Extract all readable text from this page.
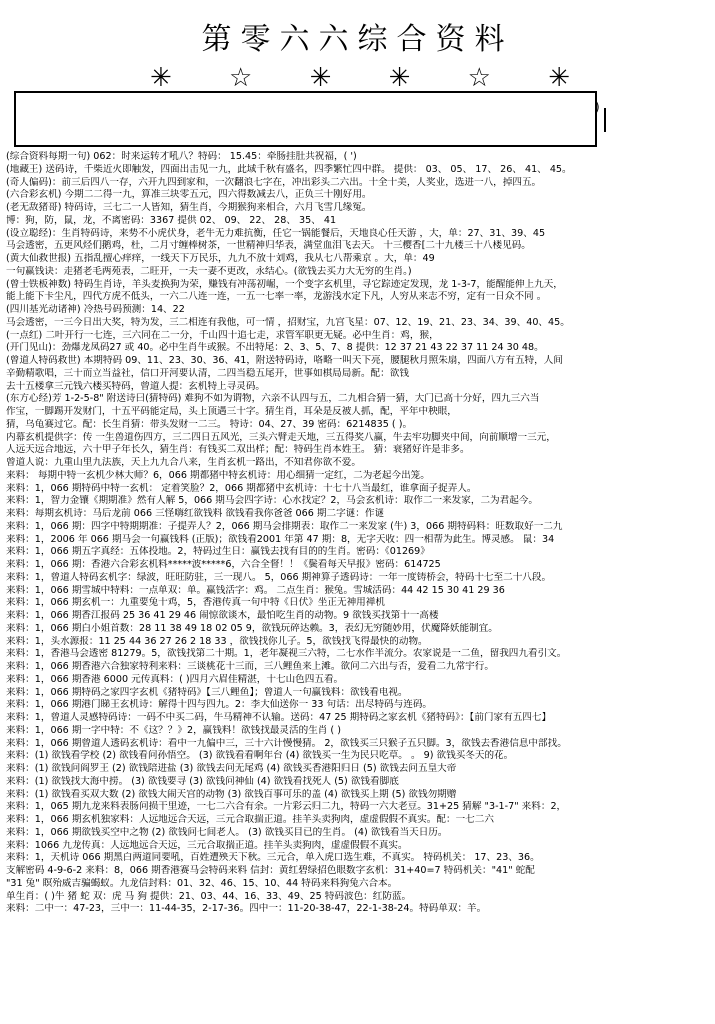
第零六六综合资料
✳ ☆ ✳ ✳ ☆ ✳
)
(综合资料每期一句) 062：时来运转才吼八？特码： 15.45：牵肠挂肚共祝福，( ')
(地藏王) 送码诗，千柴近火即触发，四面出击见一九，此域千秋有盛名，四季繁忙四中群。 提供： 03、 05、 17、 26、 41、 45。
(奇人偏码)：前三后四八一存，六开九四到家和，一次翻浪七字在，冲出彩头二六出。十全十美，人奖业，选进一八，掉四五。
(六合彩玄机) 今期二二得一九，算准三块零五元，四六得数减去八，正负三十刚好用。
(老无敌猪哥) 特码诗，三七二一人皆知，猜生肖，今期猴狗来相合，六月飞雪几缘冤。
博：狗，防，鼠，龙，不离密码：3367 提供 02、 09、 22、 28、 35、 41
(设立聪经)：生肖特码诗，来势不小虎伏身，老牛无力难抗衡，任它一锅能餐后，天地良心任天游 ，大，单：27、31、39、45
马会透密，五更风烃们鹅鸡，杜，二月寸缠棒树茶，一世精神归华表，满堂血泪飞去天。 十三樱香[二十九楼三十八楼见码。
(黄大仙救世报) 五指乱擅心痒痒，一线天下万民乐，九九不放十刘鸡，我从七八帮乘京 。大，单：49
一句赢钱诀：走猪老毛两苑表，二旺开，一夫一妻不更改，永结心。(欲钱去买力大无穷的生肖。)
(曾士铁板神数) 特码生肖诗，羊头麦换狗为荣，赚钱有冲荡初崛，一个变字玄机里，寻它踪迹定发现，龙 1-3-7，能醒能伸上九天，
能上能下卡尘凡，四代方虎不低头，一六二八连一连，一五一七率一率，龙游浅水定下凡，人穷从来志不穷，定有一日众不同 。
(四川基光动诸神) 冷热号码预测：14、22
马会透密，一三今日出大奖，特为发，三二相连有我他，可一情 ，招财宝，九宫飞星：07、12、19、21、23、34、39、40、45。
(一点红) 二叶开行一七连，三六同在二一分，千山四十追七走，求管军职更无疑。必中生肖：鸡，猴，
(开门见山)：劲爆龙凤码27 或 40。必中生肖牛或猴。不出特尾：2、3、5、7、8 提供：12 37 21 43 22 37 11 24 30 48。
(曾道人特码救世) 本期特码 09、11、23、30、36、41，附送特码诗，咯略一叫天下亮，腰腿秋月照朱扇，四面八方有五特，人间
辛勤精歌唱，三十而立当益社，信口开河要认清，二四当稳五尾开，世事如棋局局新。配：欲钱
去十五楼拿三元钱六楼买特码，曾道人提：玄机特上寻灵码。
(东方心经)芳 1-2-5-8" 附送诗曰(猜特码) 难狗不如为谓物，六亲不认四与五，二九相合猜一猜，大门已高十分好，四九三六当
作宝，一脚踢开发财门，十五平码能定局，头上顶遇三十字。猜生肖，耳朵是反被人抓，配，平年中秧眼，
猜，乌龟赛过它。配：长生肖猜：带头发财一二三。 特诗：04、27、39 密码：6214835 ( )。
内幕玄机提供字：传 一生兽道伤四方，三二四日五风光，三头六臂走天地，三五得奖八赢，牛去牢功脚夹中间，向前顺增一三元，
人远天远合地远，六十甲子年长久，猜生肖：有钱买二双出样；配：特码生肖本姓王。 猜：衰猪好许是非多。
曾道人说：九重山里九法族，天上九九合八来，生肖玄机一路出，不知君你欲不爱。
来料： 每期中特一玄机少林大师？6，066 期都猪中特玄机诗：用心细猜一定红，二为老起今出笼。
来料：1，066 期特码中特一玄机： 定着笑脸？2，066 期都猪中玄机诗：十七十八当最红，谁拿面子捉弄人。
来料：1，智力金镶《期期准》然有人解 5，066 期马会四字诗：心水找定？2，马会玄机诗：取作二一来发家，二为君起今。
来料：每期玄机诗：马后龙前 066 三怪嗨红欲钱料 欲钱看我你爸爸 066 期二字谜：作谜
来料：1，066 期：四字中特期期准：子提弄人？2，066 期马会排期表：取作二一来发家 (牛) 3，066 期特码料：旺数取好一二九
来料：1，2006 年 066 期马会一句赢钱料 (正版)；欲钱看2001 年第 47 期：8，无字天收：四一相帮为此生。博灵感。 鼠：34
来料：1，066 期五字真经：五体投地。2，特码过生日：赢钱去找有目的的生肖。密码：《01269》
来料：1，066 期：香港六合彩玄机料*****波*****6，六合全督！！《鬓看每天早报》密码：614725
来料：1，曾道人特码玄机字：绿波，旺旺防驻，三一现八。 5，066 期神算子透码诗：一年一度铸桥会，特码十七至二十八段。
来料：1，066 期雪城中特料：一点单双：单。赢钱活字：鸡。 二点生肖：猴兔。雪城活码：44 42 15 30 41 29 36
来料：1，066 期玄机一：九重要兔十鸡，5，香港传真一句中特《日伏》坐正无神用禅机
来料：1，066 期香江报码 25 36 41 29 46 闹惊欲谈木，最怕吃生肖的动物。9 欲钱买找第十一高楼
来料：1，066 期白小姐首数：28 11 38 49 18 02 05 9，欲钱玩碎达赖。3，表幻无穷随妙用，伏魔降妖能制宜。
来料：1，头水源报：11 25 44 36 27 26 2 18 33 ，欲钱找你儿子。5，欲钱找飞得最快的动物。
来料：1，香港马会透密 81279。5，欲钱找第二十期。1，老年凝视三六特，二七水作半流分。农家说是一二鱼，留我四九看引文。
来料：1，066 期香港六合独家特利来料：三谈桃花十三而，三八鲤鱼来上滩。欲问二六出与否，爱看二九常宇行。
来料：1，066 期香港 6000 元传真料：( )四月六眉佳精湛，十七山色四五看。
来料：1，066 期特码之家四字玄机《猪特码》【三八鲤鱼】；曾道人一句赢钱料：欲钱看电视。
来料：1，066 期港门睇王玄机诗：解得十四与四九。2：李大仙送你一 33 句话：出尽特码与连码。
来料：1，曾道人灵感特码诗：一码不中买二码，牛马精神不认输。送码：47 25 期特码之家玄机《猪特码》：【前门家有五四七】
来料：1，066 期一字中特：不《这？？》2，赢钱料！欲钱找最灵活的生肖 ( )
来料：1，066 期曾道人透码玄机诗：看中一九偏中三，三十六计慢慢猜。 2，欲钱买三只猴子五只脚。3，欲钱去香港信息中部找。
来料：(1) 欲钱看学校 (2) 欲钱看问孙悟空。 (3) 欲钱看看啊年台 (4) 欲钱买一生为民只吃草。 。 9) 欲钱买冬天的花。
来料：(1) 欲钱问阎罗王 (2) 欲钱陪进盐 (3) 欲钱去问无尾鸡 (4) 欲钱买香港阳归日 (5) 欲钱去问五皇大帝
来料：(1) 欲钱找大海中捞。 (3) 欲钱要寻 (3) 欲钱问神仙 (4) 欲钱看找死人 (5) 欲钱看脚底
来料：(1) 欲钱看买双大数 (2) 欲钱大闹天宫的动物 (3) 欲钱百事可乐的盖 (4) 欲钱买上期 (5) 欲钱勿期赠
来料：1，065 期九龙来料表肠问损干里迹，一七二六合有余。一片彩云归二九，特码一六大老豆。31+25 猜解 "3-1-7" 来料：2，
来料：1，066 期玄机独家料：人远地远合天远，三元合取揣正道。挂羊头卖狗肉，虚虚假假不真实。配：一七二六
来料：1，066 期欲钱买空中之物 (2) 欲钱问七间老人。 (3) 欲钱买目已的生肖。 (4) 欲钱看当天日历。
来料：1066 九龙传真：人远地远合天远，三元合取揣正道。挂羊头卖狗肉，虚虚假假不真实。
来料：1，天机诗 066 期黑白两道同要吼，百姓遭殃天下秋。三元合，单入虎口选生难，不真实。 特码机关： 17、23、36。
支解密码 4-9-6-2 来料：8，066 期香港赛马会特码来料 信封：黄红碧绿招色眼数字玄机：31+40=7 特码机关："41" 蛇配
"31 兔" 瞑殆威吉骗蝎蚁。九龙信封料：01、32、46、15、10、44 特码来料狗兔六合本。
单生肖：( )牛 猪 蛇 双：虎 马 狗 提供：21、03、44、16、33、49、25 特码波色：红防蓝。
来料：二中一：47-23，三中一：11-44-35，2-17-36。四中一：11-20-38-47，22-1-38-24。特码单双：羊。
